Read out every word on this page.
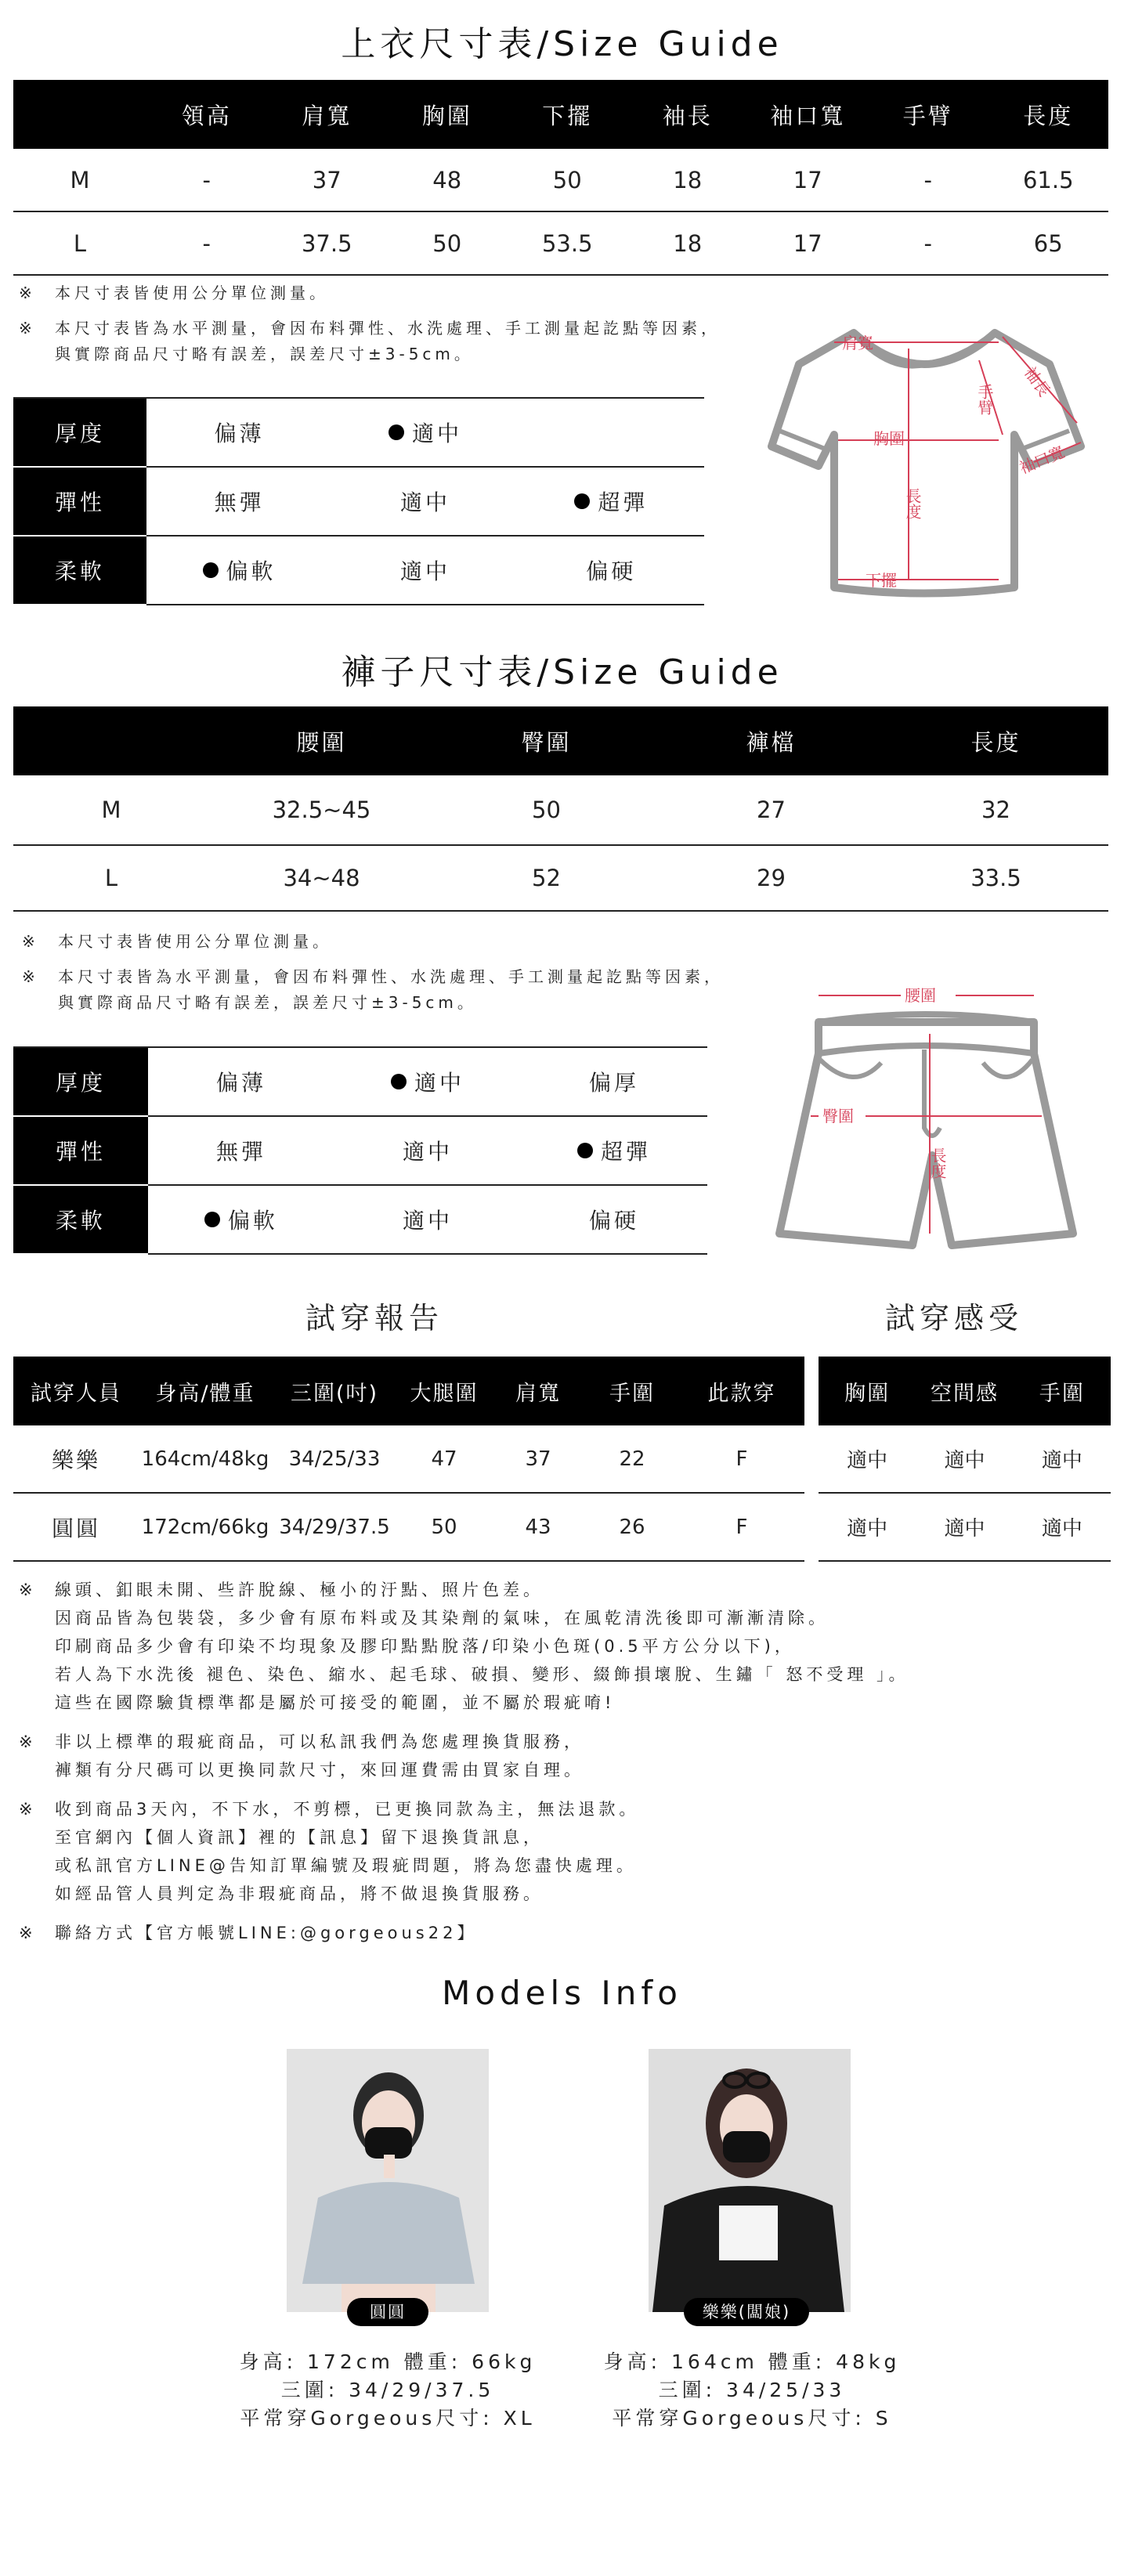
上衣尺寸表/Size Guide
	領高	肩寬	胸圍	下擺	袖長	袖口寬	手臂	長度
M	-	37	48	50	18	17	-	61.5
L	-	37.5	50	53.5	18	17	-	65
※ 本尺寸表皆使用公分單位測量。
※ 本尺寸表皆為水平測量，會因布料彈性、水洗處理、手工測量起訖點等因素，
與實際商品尺寸略有誤差，誤差尺寸±3-5cm。
厚度	偏薄	適中	
彈性	無彈	適中	超彈
柔軟	偏軟	適中	偏硬
肩寬
袖長
手臂
胸圍
袖口寬
長度
下擺
褲子尺寸表/Size Guide
	腰圍	臀圍	褲檔	長度
M	32.5~45	50	27	32
L	34~48	52	29	33.5
※ 本尺寸表皆使用公分單位測量。
※ 本尺寸表皆為水平測量，會因布料彈性、水洗處理、手工測量起訖點等因素，
與實際商品尺寸略有誤差，誤差尺寸±3-5cm。
厚度	偏薄	適中	偏厚
彈性	無彈	適中	超彈
柔軟	偏軟	適中	偏硬
腰圍
臀圍
長度
試穿報告	試穿感受
試穿人員	身高/體重	三圍(吋)	大腿圍	肩寬	手圍	此款穿
樂樂	164cm/48kg	34/25/33	47	37	22	F
圓圓	172cm/66kg	34/29/37.5	50	43	26	F
胸圍	空間感	手圍
適中	適中	適中
適中	適中	適中
※ 線頭、釦眼未開、些許脫線、極小的汙點、照片色差。
因商品皆為包裝袋，多少會有原布料或及其染劑的氣味，在風乾清洗後即可漸漸清除。
印刷商品多少會有印染不均現象及膠印點點脫落/印染小色斑(0.5平方公分以下)，
若人為下水洗後 褪色、染色、縮水、起毛球、破損、變形、綴飾損壞脫、生鏽「 怒不受理 」。
這些在國際驗貨標準都是屬於可接受的範圍，並不屬於瑕疵唷!
※ 非以上標準的瑕疵商品，可以私訊我們為您處理換貨服務，
褲類有分尺碼可以更換同款尺寸，來回運費需由買家自理。
※ 收到商品3天內，不下水，不剪標，已更換同款為主，無法退款。
至官網內【個人資訊】裡的【訊息】留下退換貨訊息，
或私訊官方LINE@告知訂單編號及瑕疵問題，將為您盡快處理。
如經品管人員判定為非瑕疵商品，將不做退換貨服務。
※ 聯絡方式【官方帳號LINE:@gorgeous22】
Models Info
圓圓	樂樂(闆娘)
身高: 172cm 體重: 66kg
三圍: 34/29/37.5
平常穿Gorgeous尺寸: XL
身高: 164cm 體重: 48kg
三圍: 34/25/33
平常穿Gorgeous尺寸: S
